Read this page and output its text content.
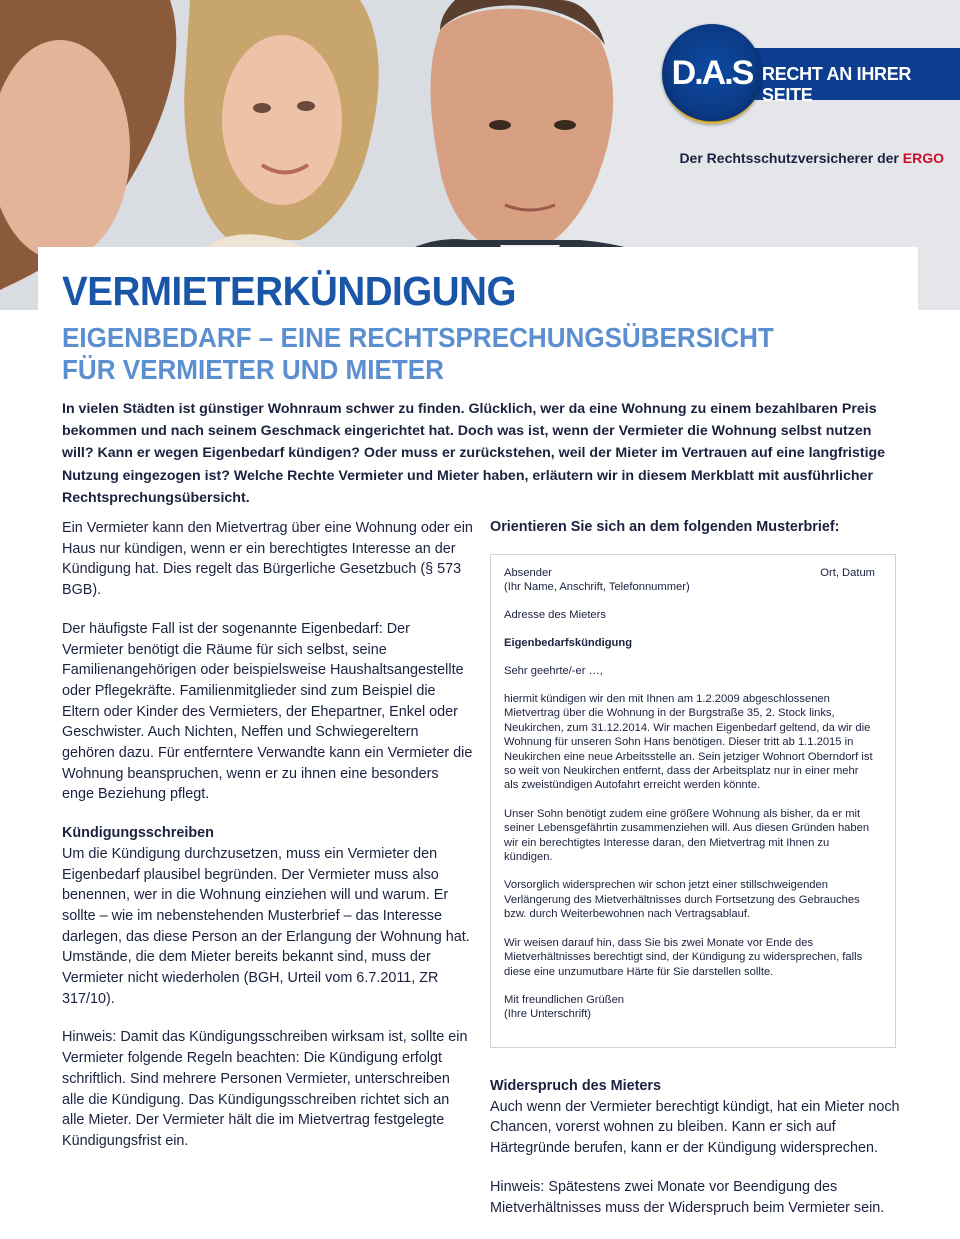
D.A.S RECHT AN IHRER SEITE
Der Rechtsschutzversicherer der ERGO
VERMIETERKÜNDIGUNG
EIGENBEDARF – EINE RECHTSPRECHUNGSÜBERSICHT
FÜR VERMIETER UND MIETER

In vielen Städten ist günstiger Wohnraum schwer zu finden. Glücklich, wer da eine Wohnung zu einem bezahlbaren Preis bekommen und nach seinem Geschmack eingerichtet hat. Doch was ist, wenn der Vermieter die Wohnung selbst nutzen will? Kann er wegen Eigenbedarf kündigen? Oder muss er zurückstehen, weil der Mieter im Vertrauen auf eine langfristige Nutzung eingezogen ist? Welche Rechte Vermieter und Mieter haben, erläutern wir in diesem Merkblatt mit ausführlicher Rechtsprechungsübersicht.

Ein Vermieter kann den Mietvertrag über eine Wohnung oder ein Haus nur kündigen, wenn er ein berechtigtes Interesse an der Kündigung hat. Dies regelt das Bürgerliche Gesetzbuch (§ 573 BGB).

Der häufigste Fall ist der sogenannte Eigenbedarf: Der Vermieter benötigt die Räume für sich selbst, seine Familienangehörigen oder beispielsweise Haushaltsangestellte oder Pflegekräfte. Familienmitglieder sind zum Beispiel die Eltern oder Kinder des Vermieters, der Ehepartner, Enkel oder Geschwister. Auch Nichten, Neffen und Schwiegereltern gehören dazu. Für entferntere Verwandte kann ein Vermieter die Wohnung beanspruchen, wenn er zu ihnen eine besonders enge Beziehung pflegt.

Kündigungsschreiben

Um die Kündigung durchzusetzen, muss ein Vermieter den Eigenbedarf plausibel begründen. Der Vermieter muss also benennen, wer in die Wohnung einziehen will und warum. Er sollte – wie im nebenstehenden Musterbrief – das Interesse darlegen, das diese Person an der Erlangung der Wohnung hat. Umstände, die dem Mieter bereits bekannt sind, muss der Vermieter nicht wiederholen (BGH, Urteil vom 6.7.2011, ZR 317/10).

Hinweis: Damit das Kündigungsschreiben wirksam ist, sollte ein Vermieter folgende Regeln beachten: Die Kündigung erfolgt schriftlich. Sind mehrere Personen Vermieter, unterschreiben alle die Kündigung. Das Kündigungsschreiben richtet sich an alle Mieter. Der Vermieter hält die im Mietvertrag festgelegte Kündigungsfrist ein.

Orientieren Sie sich an dem folgenden Musterbrief:
Absender
(Ihr Name, Anschrift, Telefonnummer)
Ort, Datum
Adresse des Mieters
Eigenbedarfskündigung
Sehr geehrte/-er …,

hiermit kündigen wir den mit Ihnen am 1.2.2009 abgeschlossenen Mietvertrag über die Wohnung in der Burgstraße 35, 2. Stock links, Neukirchen, zum 31.12.2014. Wir machen Eigenbedarf geltend, da wir die Wohnung für unseren Sohn Hans benötigen. Dieser tritt ab 1.1.2015 in Neukirchen eine neue Arbeitsstelle an. Sein jetziger Wohnort Oberndorf ist so weit von Neukirchen entfernt, dass der Arbeitsplatz nur in einer mehr als zweistündigen Autofahrt erreicht werden könnte.

Unser Sohn benötigt zudem eine größere Wohnung als bisher, da er mit seiner Lebensgefährtin zusammenziehen will. Aus diesen Gründen haben wir ein berechtigtes Interesse daran, den Mietvertrag mit Ihnen zu kündigen.

Vorsorglich widersprechen wir schon jetzt einer stillschweigenden Verlängerung des Mietverhältnisses durch Fortsetzung des Gebrauches bzw. durch Weiterbewohnen nach Vertragsablauf.

Wir weisen darauf hin, dass Sie bis zwei Monate vor Ende des Mietverhältnisses berechtigt sind, der Kündigung zu widersprechen, falls diese eine unzumutbare Härte für Sie darstellen sollte.

Mit freundlichen Grüßen

(Ihre Unterschrift)

Widerspruch des Mieters

Auch wenn der Vermieter berechtigt kündigt, hat ein Mieter noch Chancen, vorerst wohnen zu bleiben. Kann er sich auf Härtegründe berufen, kann er der Kündigung widersprechen.

Hinweis: Spätestens zwei Monate vor Beendigung des Mietverhältnisses muss der Widerspruch beim Vermieter sein.
